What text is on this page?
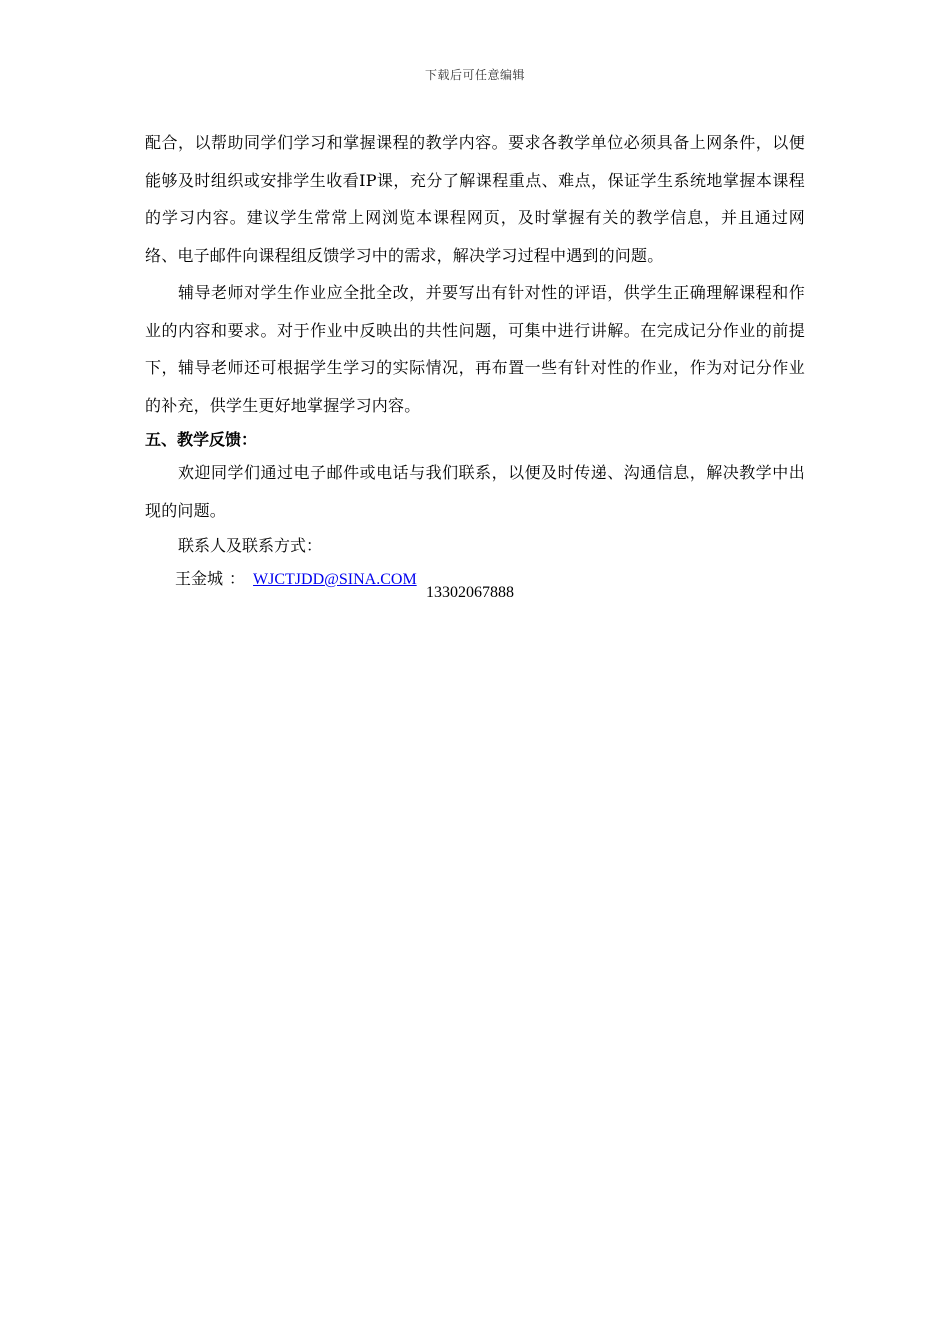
下载后可任意编辑

配合，以帮助同学们学习和掌握课程的教学内容。要求各教学单位必须具备上网条件，以便能够及时组织或安排学生收看IP课，充分了解课程重点、难点，保证学生系统地掌握本课程的学习内容。建议学生常常上网浏览本课程网页，及时掌握有关的教学信息，并且通过网络、电子邮件向课程组反馈学习中的需求，解决学习过程中遇到的问题。

辅导老师对学生作业应全批全改，并要写出有针对性的评语，供学生正确理解课程和作业的内容和要求。对于作业中反映出的共性问题，可集中进行讲解。在完成记分作业的前提下，辅导老师还可根据学生学习的实际情况，再布置一些有针对性的作业，作为对记分作业的补充，供学生更好地掌握学习内容。

五、教学反馈：

欢迎同学们通过电子邮件或电话与我们联系，以便及时传递、沟通信息，解决教学中出现的问题。

联系人及联系方式：

王金城 ： WJCTJDD@SINA.COM

13302067888
